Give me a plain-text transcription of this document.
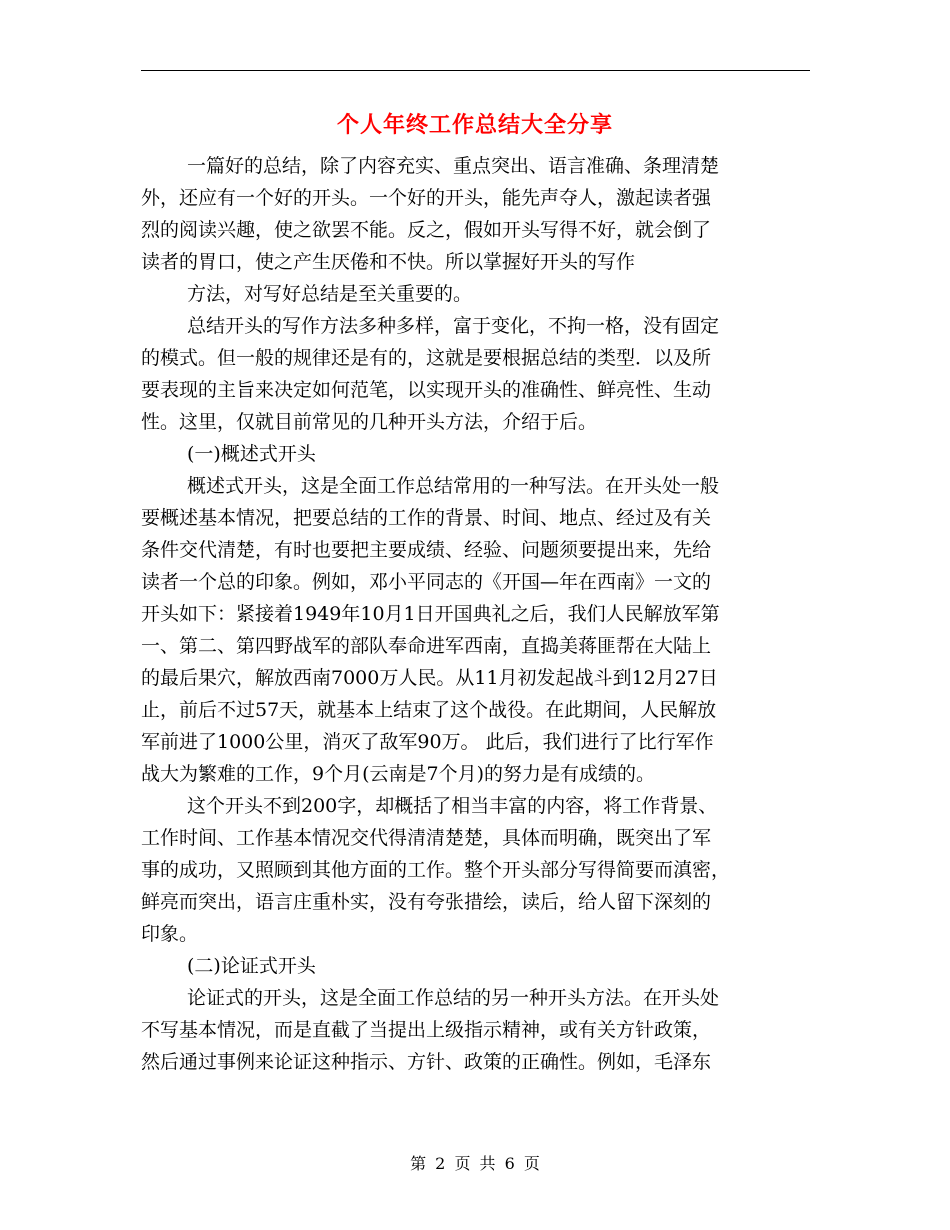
个人年终工作总结大全分享
一篇好的总结，除了内容充实、重点突出、语言准确、条理清楚
外，还应有一个好的开头。一个好的开头，能先声夺人，激起读者强
烈的阅读兴趣，使之欲罢不能。反之，假如开头写得不好，就会倒了
读者的胃口，使之产生厌倦和不快。所以掌握好开头的写作
方法，对写好总结是至关重要的。
总结开头的写作方法多种多样，富于变化，不拘一格，没有固定
的模式。但一般的规律还是有的，这就是要根据总结的类型．以及所
要表现的主旨来决定如何范笔，以实现开头的准确性、鲜亮性、生动
性。这里，仅就目前常见的几种开头方法，介绍于后。
(一)概述式开头
概述式开头，这是全面工作总结常用的一种写法。在开头处一般
要概述基本情况，把要总结的工作的背景、时间、地点、经过及有关
条件交代清楚，有时也要把主要成绩、经验、问题须要提出来，先给
读者一个总的印象。例如，邓小平同志的《开国—年在西南》一文的
开头如下：紧接着1949年10月1日开国典礼之后，我们人民解放军第
一、第二、第四野战军的部队奉命进军西南，直捣美蒋匪帮在大陆上
的最后果穴，解放西南7000万人民。从11月初发起战斗到12月27日
止，前后不过57天，就基本上结束了这个战役。在此期间，人民解放
军前进了1000公里，消灭了敌军90万。 此后，我们进行了比行军作
战大为繁难的工作，9个月(云南是7个月)的努力是有成绩的。
这个开头不到200字，却概括了相当丰富的内容，将工作背景、
工作时间、工作基本情况交代得清清楚楚，具体而明确，既突出了军
事的成功，又照顾到其他方面的工作。整个开头部分写得简要而滇密，
鲜亮而突出，语言庄重朴实，没有夸张措绘，读后，给人留下深刻的
印象。
(二)论证式开头
论证式的开头，这是全面工作总结的另一种开头方法。在开头处
不写基本情况，而是直截了当提出上级指示精神，或有关方针政策，
然后通过事例来论证这种指示、方针、政策的正确性。例如，毛泽东
第 2 页 共 6 页
